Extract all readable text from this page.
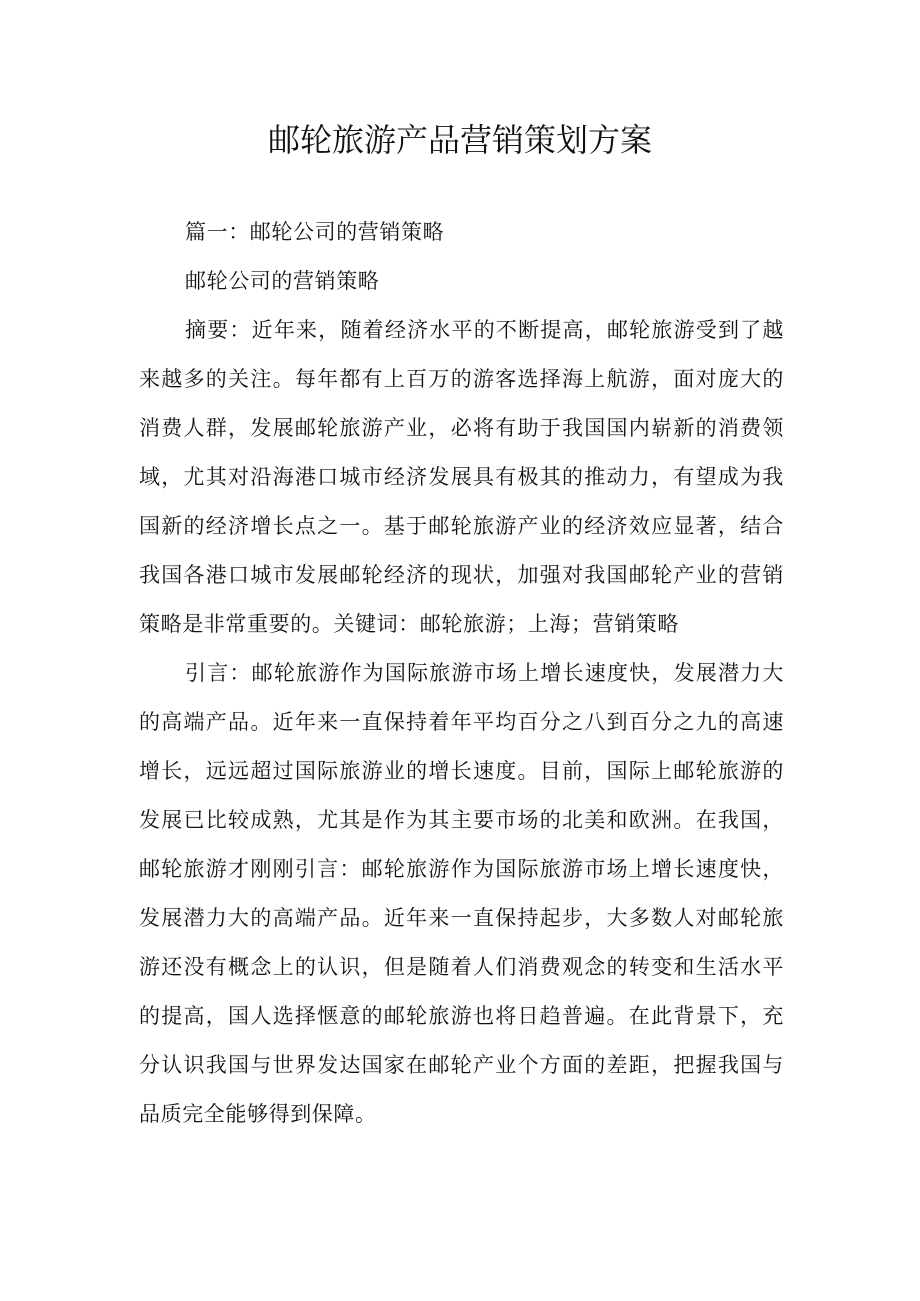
邮轮旅游产品营销策划方案

篇一：邮轮公司的营销策略

邮轮公司的营销策略

摘要：近年来，随着经济水平的不断提高，邮轮旅游受到了越来越多的关注。每年都有上百万的游客选择海上航游，面对庞大的消费人群，发展邮轮旅游产业，必将有助于我国国内崭新的消费领域，尤其对沿海港口城市经济发展具有极其的推动力，有望成为我国新的经济增长点之一。基于邮轮旅游产业的经济效应显著，结合我国各港口城市发展邮轮经济的现状，加强对我国邮轮产业的营销策略是非常重要的。关键词：邮轮旅游；上海；营销策略

引言：邮轮旅游作为国际旅游市场上增长速度快，发展潜力大的高端产品。近年来一直保持着年平均百分之八到百分之九的高速增长，远远超过国际旅游业的增长速度。目前，国际上邮轮旅游的发展已比较成熟，尤其是作为其主要市场的北美和欧洲。在我国，邮轮旅游才刚刚引言：邮轮旅游作为国际旅游市场上增长速度快，发展潜力大的高端产品。近年来一直保持起步，大多数人对邮轮旅游还没有概念上的认识，但是随着人们消费观念的转变和生活水平的提高，国人选择惬意的邮轮旅游也将日趋普遍。在此背景下，充分认识我国与世界发达国家在邮轮产业个方面的差距，把握我国与品质完全能够得到保障。
